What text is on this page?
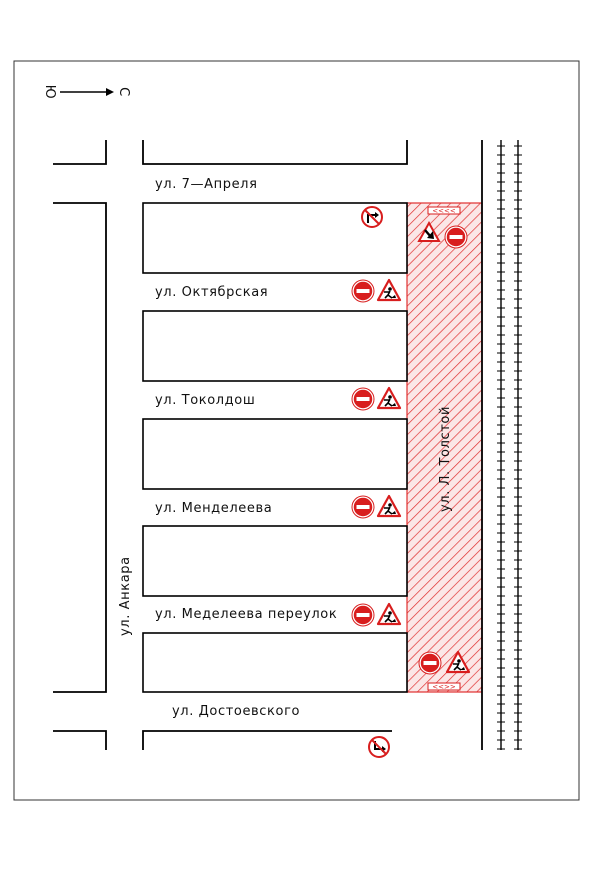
Ю	С
ул. 7—Апреля
ул. Октябрская
ул. Токолдош
ул. Менделеева
ул. Меделеева переулок
ул. Достоевского
ул. Анкара
ул. Л. Толстой
<<<<
<<>>
